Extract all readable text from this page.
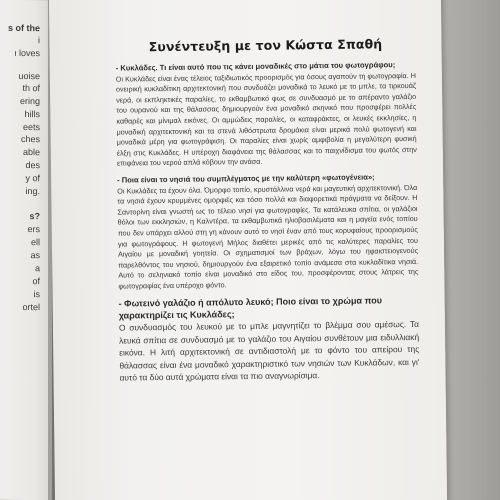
s of the
i
ι loves
uoise
th of
ering
hills
eets
ches
able
des
y of
ing.
s?
ers
ell
as
a
of
is
ortel
Συνέντευξη με τον Κώστα Σπαθή

- Κυκλάδες. Τι είναι αυτό που τις κάνει μοναδικές στο μάτια του φωτογράφου;

Οι Κυκλάδες είναι ένας τέλειος ταξιδιωτικός προορισμός για όσους αγαπούν τη φωτογραφία. Η ονειρική κυκλαδίτικη αρχιτεκτονική που συνδυάζει μοναδικά το λευκό με το μπλε, τα τιρκουάζ νερά, οι εκπληκτικές παραλίες, το εκθαμβωτικό φως σε συνδυασμό με το απέραντο γαλάζιο του ουρανού και της θάλασσας δημιουργούν ένα μοναδικό σκηνικό που προσφέρει πολλές καθαρές και μίνιμαλ εικόνες. Οι αμμώδεις παραλίες, οι καταφράκτες, οι λευκές εκκλησίες, η μοναδική αρχιτεκτονική και τα στενά λιθόστρωτα δρομάκια είναι μερικά πολύ φωτογενή και μοναδικά μέρη για φωτογράφιση. Οι παραλίες είναι χωρίς αμφιβολία η μεγαλύτερη φυσική έλξη στις Κυκλάδες. Η υπέροχη διαφάνεια της θάλασσας και το παιχνίδισμα του φωτός στην επιφάνεια του νερού απλά κόβουν την ανάσα.

- Ποια είναι το νησιά του συμπλέγματος με την καλύτερη «φωτογένεια»;

Οι Κυκλάδες τα έχουν όλα. Όμορφο τοπίο, κρυστάλλινα νερά και μαγευτική αρχιτεκτονική. Όλα τα νησιά έχουν κρυμμένες ομορφιές και τόσο πολλά και διαφορετικά πράγματα να δείξουν. Η Σαντορίνη είναι γνωστή ως το τέλειο νησί για φωτογραφίες. Τα κατάλευκα σπίτια, οι γαλάζιοι θόλοι των εκκλησιών, η Καλντέρα, τα εκθαμβωτικά ηλιοβασιλέματα και η μαγεία ενός τοπίου που δεν υπάρχει αλλού στη γη κάνουν αυτό το νησί έναν από τους κορυφαίους προορισμούς για φωτογράφους. Η φωτογενή Μήλος διαθέτει μερικές από τις καλύτερες παραλίες του Αιγαίου με μοναδική γοητεία. Οι σχηματισμοί των βράχων, λόγω του ηφαιστειογενούς παρελθόντος του νησιού, δημιουργούν ένα εξαιρετικό τοπίο ανάμεσα στα κυκλαδίτικα νησιά. Αυτό το σεληνιακό τοπίο είναι μοναδικό στο είδος του, προσφέροντας στους λάτρεις της φωτογραφίας ένα υπέροχο φόντο.

- Φωτεινό γαλάζιο ή απόλυτο λευκό; Ποιο είναι το χρώμα που χαρακτηρίζει τις Κυκλάδες;

Ο συνδυασμός του λευκού με το μπλε μαγνητίζει το βλέμμα σου αμέσως. Τα λευκά σπίτια σε συνδυασμό με το γαλάζιο του Αιγαίου συνθέτουν μια ειδυλλιακή εικόνα. Η λιτή αρχιτεκτονική σε αντιδιαστολή με το φόντο του απείρου της θάλασσας είναι ένα μοναδικό χαρακτηριστικό των νησιών των Κυκλάδων, και γι' αυτό τα δύο αυτά χρώματα είναι τα πιο αναγνωρίσιμα.
